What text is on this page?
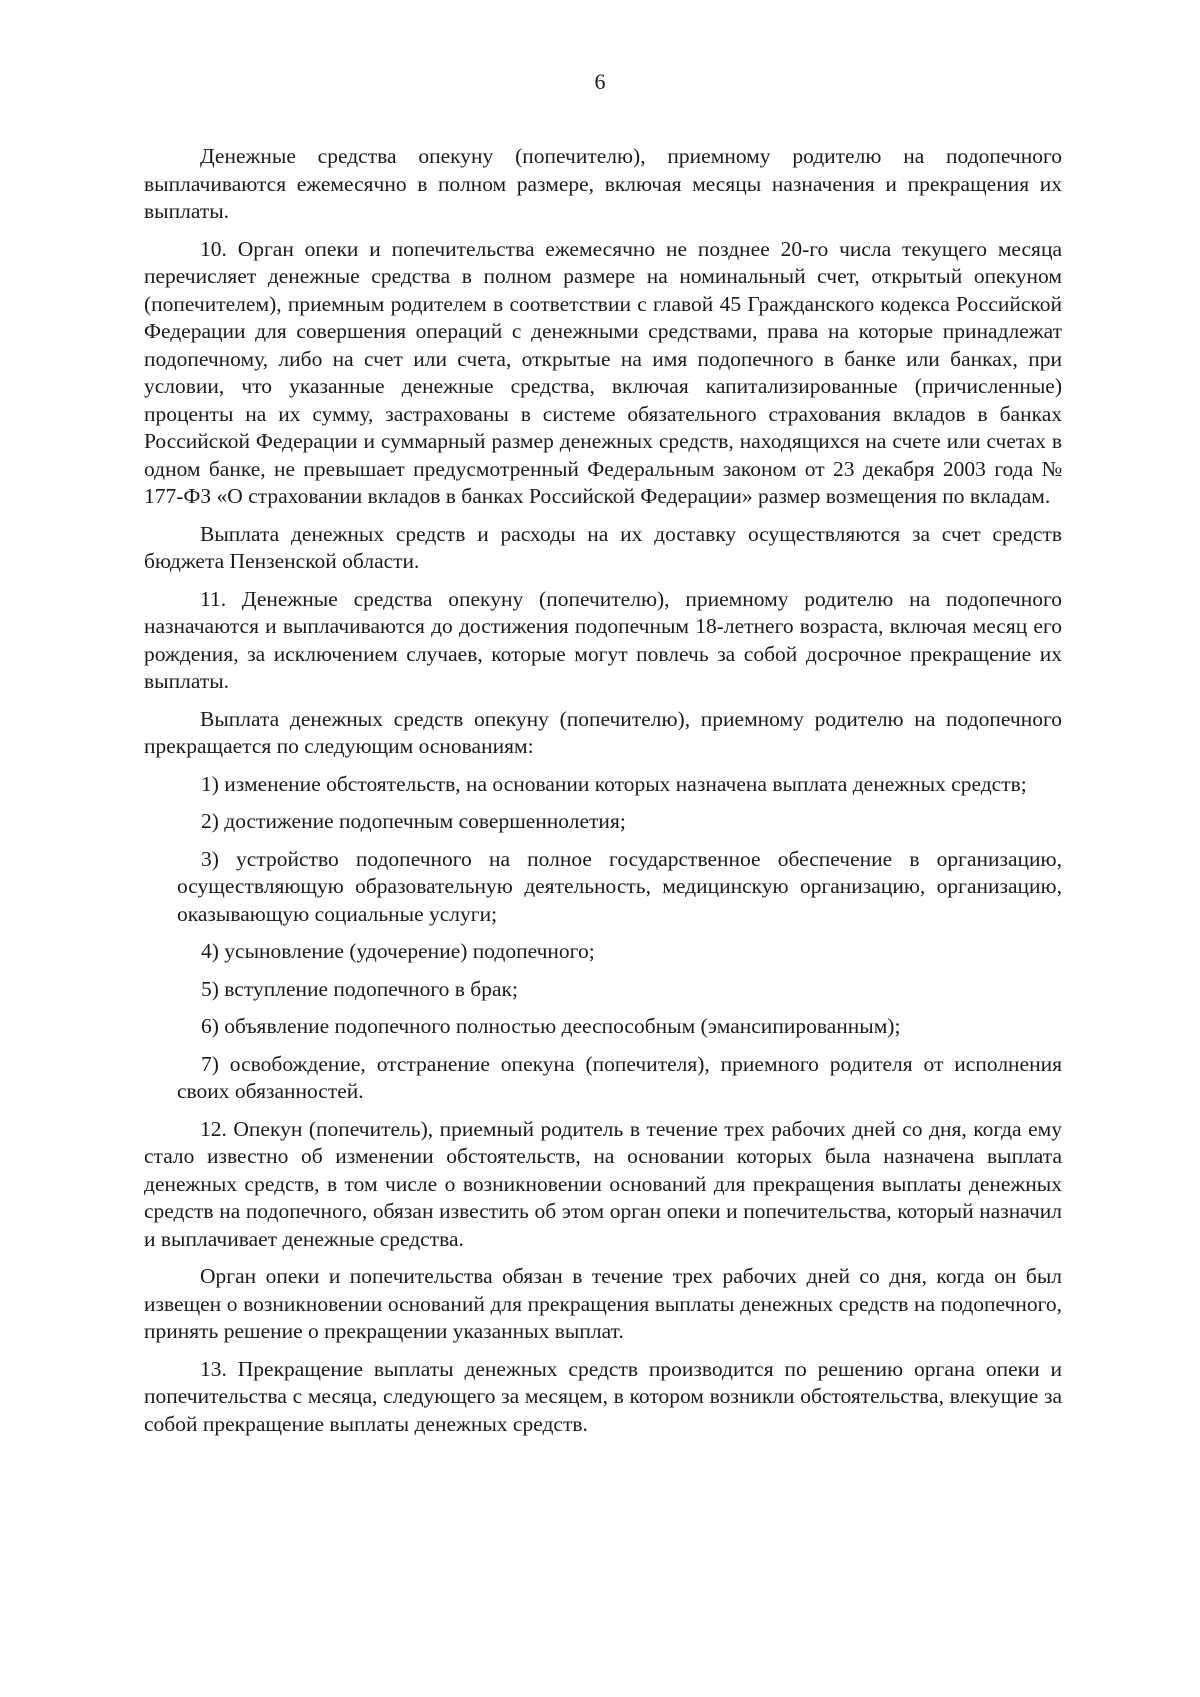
6

Денежные средства опекуну (попечителю), приемному родителю на подопечного выплачиваются ежемесячно в полном размере, включая месяцы назначения и прекращения их выплаты.

10. Орган опеки и попечительства ежемесячно не позднее 20-го числа текущего месяца перечисляет денежные средства в полном размере на номинальный счет, открытый опекуном (попечителем), приемным родителем в соответствии с главой 45 Гражданского кодекса Российской Федерации для совершения операций с денежными средствами, права на которые принадлежат подопечному, либо на счет или счета, открытые на имя подопечного в банке или банках, при условии, что указанные денежные средства, включая капитализированные (причисленные) проценты на их сумму, застрахованы в системе обязательного страхования вкладов в банках Российской Федерации и суммарный размер денежных средств, находящихся на счете или счетах в одном банке, не превышает предусмотренный Федеральным законом от 23 декабря 2003 года № 177-ФЗ «О страховании вкладов в банках Российской Федерации» размер возмещения по вкладам.

Выплата денежных средств и расходы на их доставку осуществляются за счет средств бюджета Пензенской области.

11. Денежные средства опекуну (попечителю), приемному родителю на подопечного назначаются и выплачиваются до достижения подопечным 18-летнего возраста, включая месяц его рождения, за исключением случаев, которые могут повлечь за собой досрочное прекращение их выплаты.

Выплата денежных средств опекуну (попечителю), приемному родителю на подопечного прекращается по следующим основаниям:

1) изменение обстоятельств, на основании которых назначена выплата денежных средств;

2) достижение подопечным совершеннолетия;

3) устройство подопечного на полное государственное обеспечение в организацию, осуществляющую образовательную деятельность, медицинскую организацию, организацию, оказывающую социальные услуги;

4) усыновление (удочерение) подопечного;

5) вступление подопечного в брак;

6) объявление подопечного полностью дееспособным (эмансипированным);

7) освобождение, отстранение опекуна (попечителя), приемного родителя от исполнения своих обязанностей.

12. Опекун (попечитель), приемный родитель в течение трех рабочих дней со дня, когда ему стало известно об изменении обстоятельств, на основании которых была назначена выплата денежных средств, в том числе о возникновении оснований для прекращения выплаты денежных средств на подопечного, обязан известить об этом орган опеки и попечительства, который назначил и выплачивает денежные средства.

Орган опеки и попечительства обязан в течение трех рабочих дней со дня, когда он был извещен о возникновении оснований для прекращения выплаты денежных средств на подопечного, принять решение о прекращении указанных выплат.

13. Прекращение выплаты денежных средств производится по решению органа опеки и попечительства с месяца, следующего за месяцем, в котором возникли обстоятельства, влекущие за собой прекращение выплаты денежных средств.
